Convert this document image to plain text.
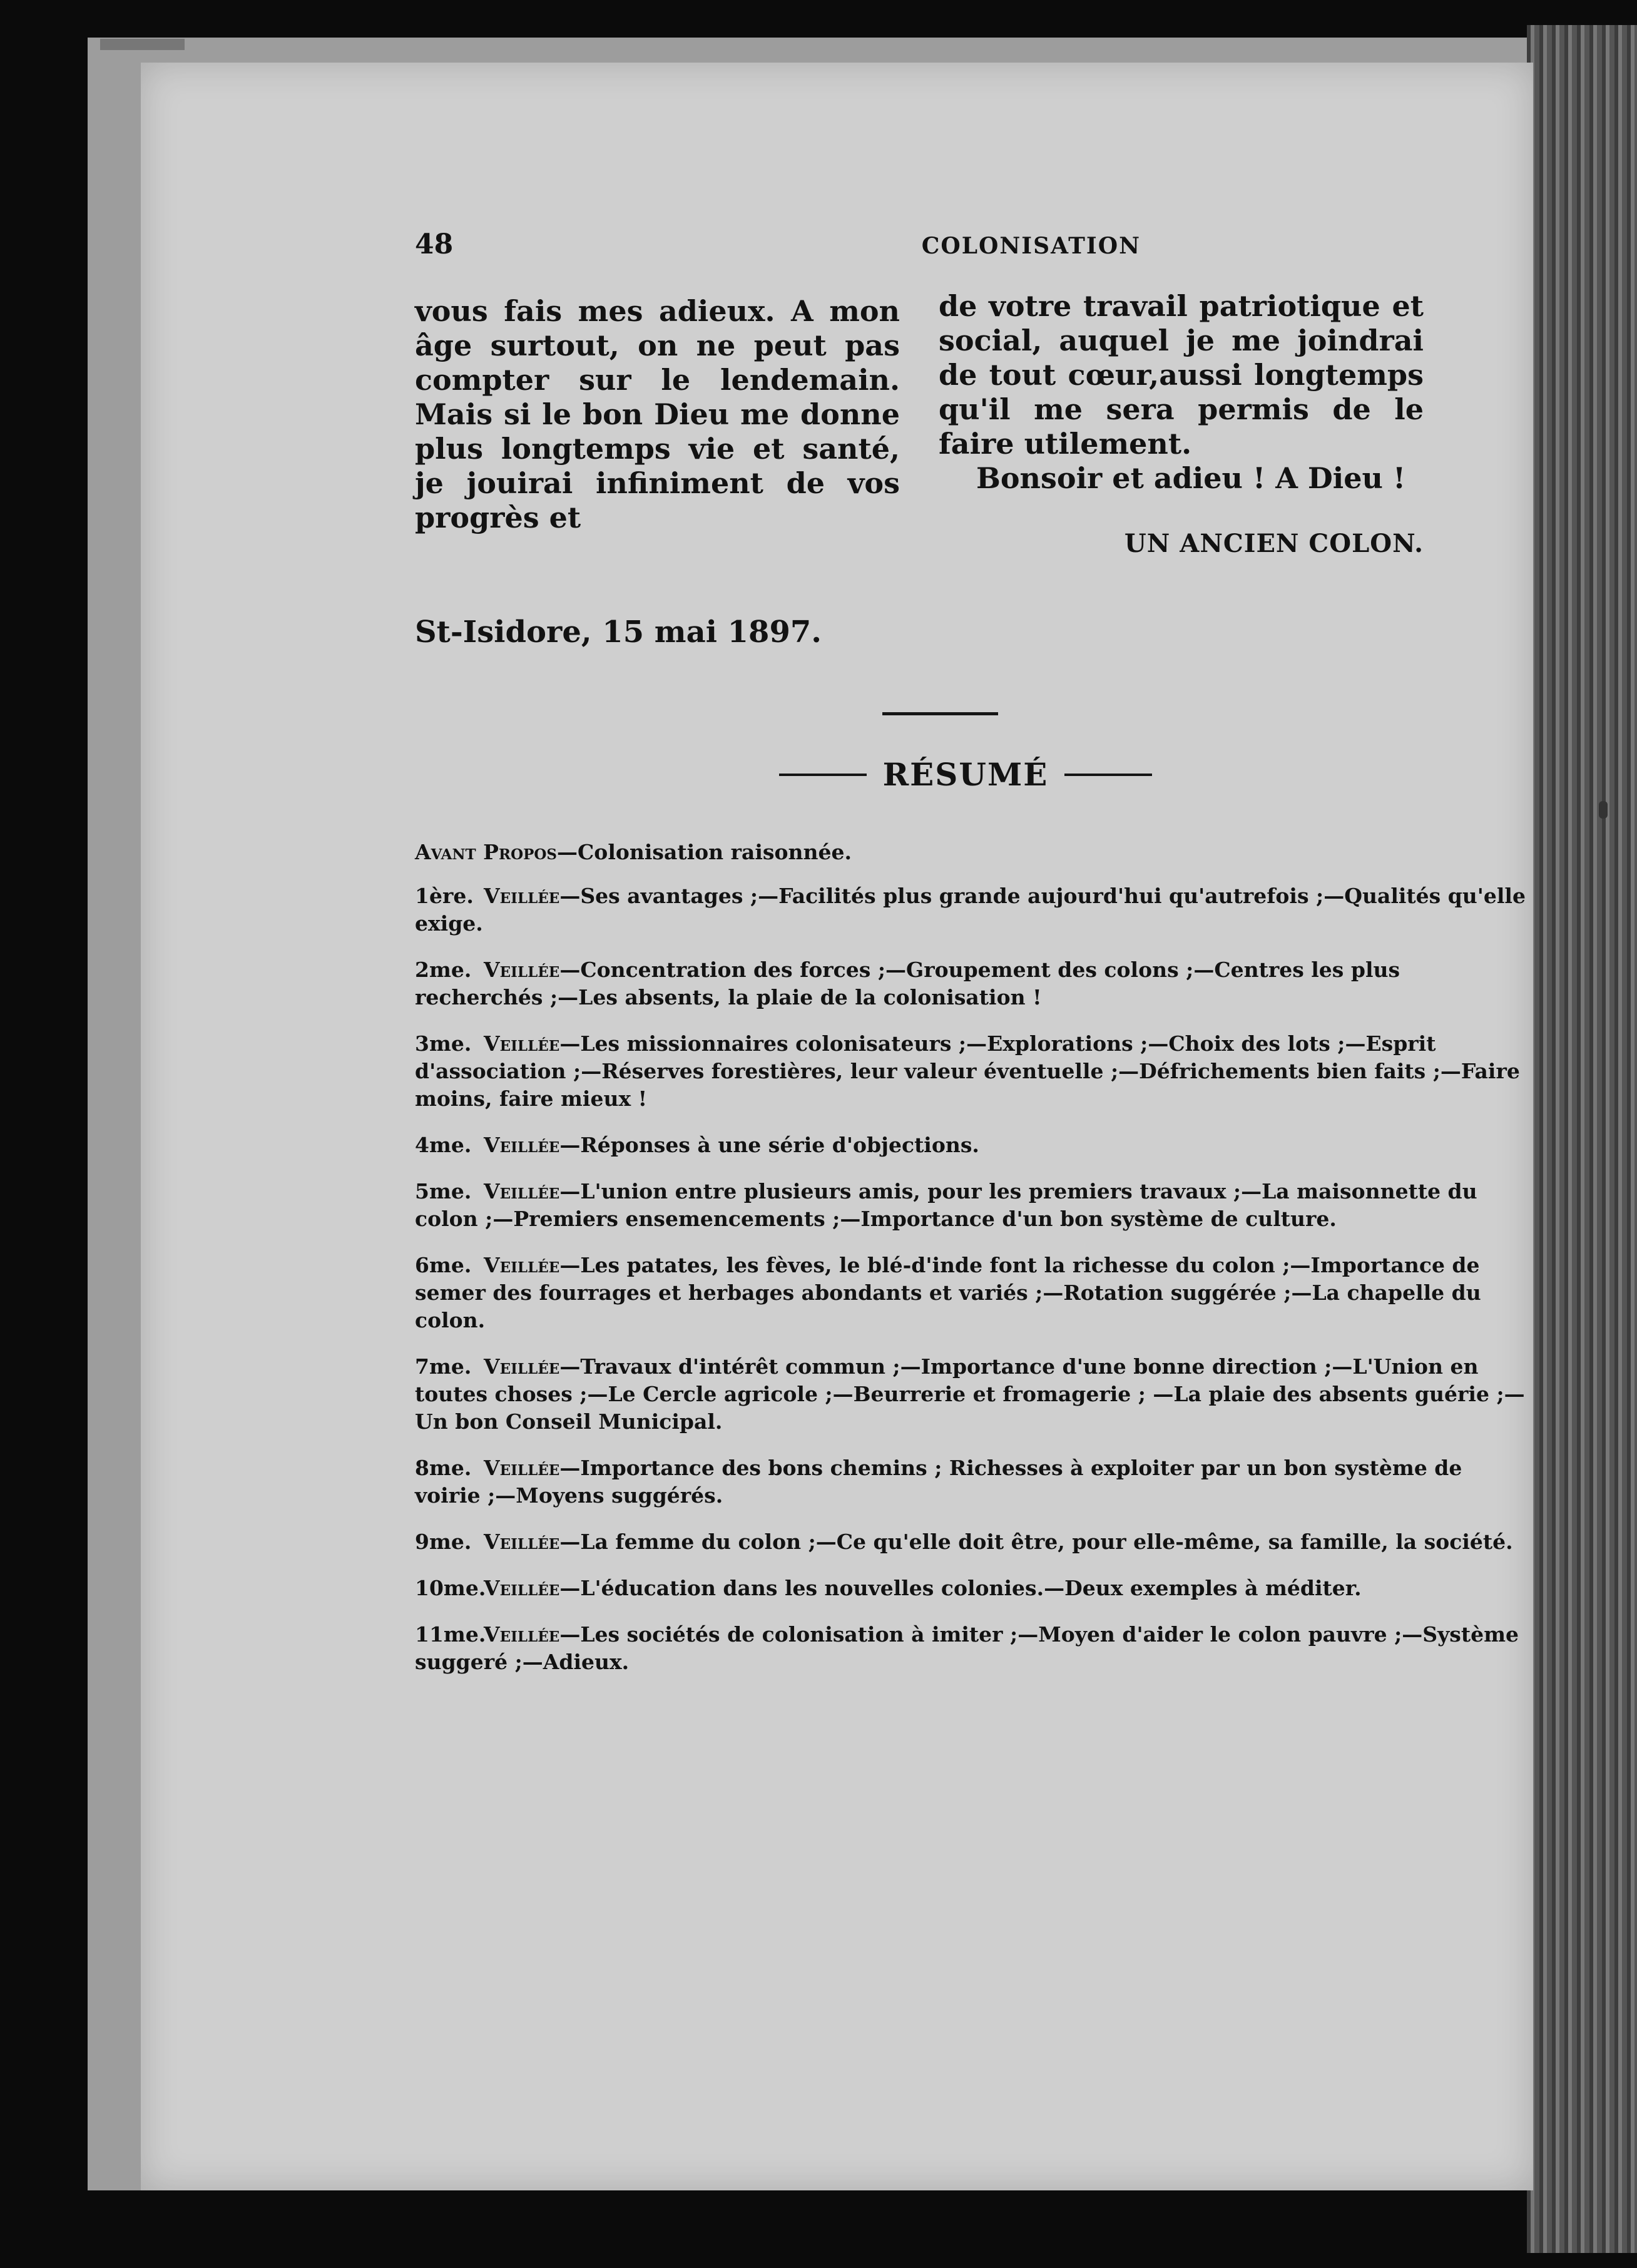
48	COLONISATION

vous fais mes adieux. A mon âge surtout, on ne peut pas compter sur le lendemain. Mais si le bon Dieu me donne plus longtemps vie et santé, je jouirai infiniment de vos progrès et

de votre travail patriotique et social, auquel je me joindrai de tout cœur,aussi longtemps qu'il me sera permis de le faire utilement.

Bonsoir et adieu ! A Dieu !

UN ANCIEN COLON.
St-Isidore, 15 mai 1897.
RÉSUMÉ
Avant Propos —Colonisation raisonnée.
1ère. Veillée—Ses avantages ;—Facilités plus grande aujourd'hui qu'autrefois ;—Qualités qu'elle exige.
2me. Veillée—Concentration des forces ;—Groupement des colons ;—Centres les plus recherchés ;—Les absents, la plaie de la colonisation !
3me. Veillée—Les missionnaires colonisateurs ;—Explorations ;—Choix des lots ;—Esprit d'association ;—Réserves forestières, leur valeur éventuelle ;—Défrichements bien faits ;—Faire moins, faire mieux !
4me. Veillée—Réponses à une série d'objections.
5me. Veillée—L'union entre plusieurs amis, pour les premiers travaux ;—La maisonnette du colon ;—Premiers ensemencements ;—Importance d'un bon système de culture.
6me. Veillée—Les patates, les fèves, le blé-d'inde font la richesse du colon ;—Importance de semer des fourrages et herbages abondants et variés ;—Rotation suggérée ;—La chapelle du colon.
7me. Veillée—Travaux d'intérêt commun ;—Importance d'une bonne direction ;—L'Union en toutes choses ;—Le Cercle agricole ;—Beurrerie et fromagerie ; —La plaie des absents guérie ;—Un bon Conseil Municipal.
8me. Veillée—Importance des bons chemins ; Richesses à exploiter par un bon système de voirie ;—Moyens suggérés.
9me. Veillée—La femme du colon ;—Ce qu'elle doit être, pour elle-même, sa famille, la société.
10me.Veillée—L'éducation dans les nouvelles colonies.—Deux exemples à méditer.
11me.Veillée—Les sociétés de colonisation à imiter ;—Moyen d'aider le colon pauvre ;—Système suggeré ;—Adieux.
